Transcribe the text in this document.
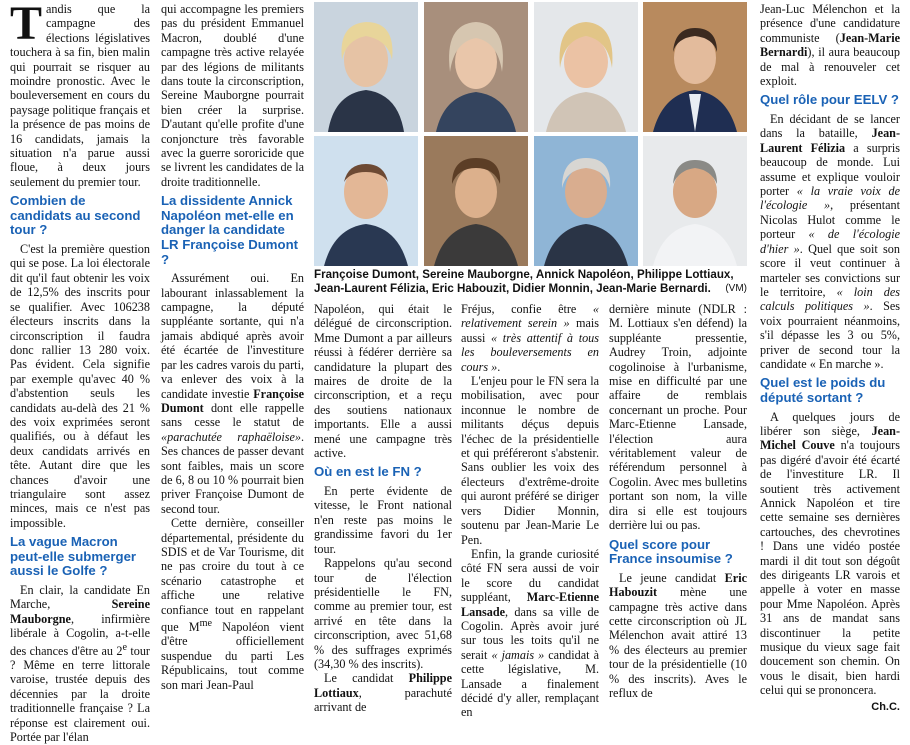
Tandis que la campagne des élections législatives touchera à sa fin, bien malin qui pourrait se risquer au moindre pronostic. Avec le bouleversement en cours du paysage politique français et la présence de pas moins de 16 candidats, jamais la situation n'a parue aussi floue, à deux jours seulement du premier tour.

Combien de candidats au second tour ?

C'est la première question qui se pose. La loi électorale dit qu'il faut obtenir les voix de 12,5% des inscrits pour se qualifier. Avec 106238 électeurs inscrits dans la circonscription il faudra donc rallier 13 280 voix. Pas évident. Cela signifie par exemple qu'avec 40 % d'abstention seuls les candidats au-delà des 21 % des voix exprimées seront qualifiés, ou à défaut les deux candidats arrivés en tête. Autant dire que les chances d'avoir une triangulaire sont assez minces, mais ce n'est pas impossible.

La vague Macron peut-elle submerger aussi le Golfe ?

En clair, la candidate En Marche, Sereine Mauborgne, infirmière libérale à Cogolin, a-t-elle des chances d'être au 2e tour ? Même en terre littorale varoise, trustée depuis des décennies par la droite traditionnelle française ? La réponse est clairement oui. Portée par l'élan

qui accompagne les premiers pas du président Emmanuel Macron, doublé d'une campagne très active relayée par des légions de militants dans toute la circonscription, Sereine Mauborgne pourrait bien créer la surprise. D'autant qu'elle profite d'une conjoncture très favorable avec la guerre sororicide que se livrent les candidates de la droite traditionnelle.

La dissidente Annick Napoléon met-elle en danger la candidate LR Françoise Dumont ?

Assurément oui. En labourant inlassablement la campagne, la député suppléante sortante, qui n'a jamais abdiqué après avoir été écartée de l'investiture par les cadres varois du parti, va enlever des voix à la candidate investie Françoise Dumont dont elle rappelle sans cesse le statut de «parachutée raphaëloise». Ses chances de passer devant sont faibles, mais un score de 6, 8 ou 10 % pourrait bien priver Françoise Dumont de second tour.

Cette dernière, conseiller départemental, présidente du SDIS et de Var Tourisme, dit ne pas croire du tout à ce scénario catastrophe et affiche une relative confiance tout en rappelant que $M^{me}$ Napoléon vient d'être officiellement suspendue du parti Les Républicains, tout comme son mari Jean-Paul

Françoise Dumont, Sereine Mauborgne, Annick Napoléon, Philippe Lottiaux, Jean-Laurent Félizia, Eric Habouzit, Didier Monnin, Jean-Marie Bernardi. (VM)

Napoléon, qui était le délégué de circonscription. Mme Dumont a par ailleurs réussi à fédérer derrière sa candidature la plupart des maires de droite de la circonscription, et a reçu des soutiens nationaux importants. Elle a aussi mené une campagne très active.

Où en est le FN ?

En perte évidente de vitesse, le Front national n'en reste pas moins le grandissime favori du 1er tour.

Rappelons qu'au second tour de l'élection présidentielle le FN, comme au premier tour, est arrivé en tête dans la circonscription, avec 51,68 % des suffrages exprimés (34,30 % des inscrits).

Le candidat Philippe Lottiaux, parachuté arrivant de

Fréjus, confie être « relativement serein » mais aussi « très attentif à tous les bouleversements en cours ».

L'enjeu pour le FN sera la mobilisation, avec pour inconnue le nombre de militants déçus depuis l'échec de la présidentielle et qui préféreront s'abstenir. Sans oublier les voix des électeurs d'extrême-droite qui auront préféré se diriger vers Didier Monnin, soutenu par Jean-Marie Le Pen.

Enfin, la grande curiosité côté FN sera aussi de voir le score du candidat suppléant, Marc-Etienne Lansade, dans sa ville de Cogolin. Après avoir juré sur tous les toits qu'il ne serait « jamais » candidat à cette législative, M. Lansade a finalement décidé d'y aller, remplaçant en

dernière minute (NDLR : M. Lottiaux s'en défend) la suppléante pressentie, Audrey Troin, adjointe cogolinoise à l'urbanisme, mise en difficulté par une affaire de remblais concernant un proche. Pour Marc-Etienne Lansade, l'élection aura véritablement valeur de référendum personnel à Cogolin. Avec mes bulletins portant son nom, la ville dira si elle est toujours derrière lui ou pas.

Quel score pour France insoumise ?

Le jeune candidat Eric Habouzit mène une campagne très active dans cette circonscription où JL Mélenchon avait attiré 13 % des électeurs au premier tour de la présidentielle (10 % des inscrits). Aves le reflux de

Jean-Luc Mélenchon et la présence d'une candidature communiste (Jean-Marie Bernardi), il aura beaucoup de mal à renouveler cet exploit.

Quel rôle pour EELV ?

En décidant de se lancer dans la bataille, Jean-Laurent Félizia a surpris beaucoup de monde. Lui assume et explique vouloir porter « la vraie voix de l'écologie », présentant Nicolas Hulot comme le porteur « de l'écologie d'hier ». Quel que soit son score il veut continuer à marteler ses convictions sur le territoire, « loin des calculs politiques ». Ses voix pourraient néanmoins, s'il dépasse les 3 ou 5%, priver de second tour la candidate « En marche ».

Quel est le poids du député sortant ?

A quelques jours de libérer son siège, Jean-Michel Couve n'a toujours pas digéré d'avoir été écarté de l'investiture LR. Il soutient très activement Annick Napoléon et tire cette semaine ses dernières cartouches, des chevrotines ! Dans une vidéo postée mardi il dit tout son dégoût des dirigeants LR varois et appelle à voter en masse pour Mme Napoléon. Après 31 ans de mandat sans discontinuer la petite musique du vieux sage fait doucement son chemin. On vous le disait, bien hardi celui qui se prononcera.

Ch.C.
